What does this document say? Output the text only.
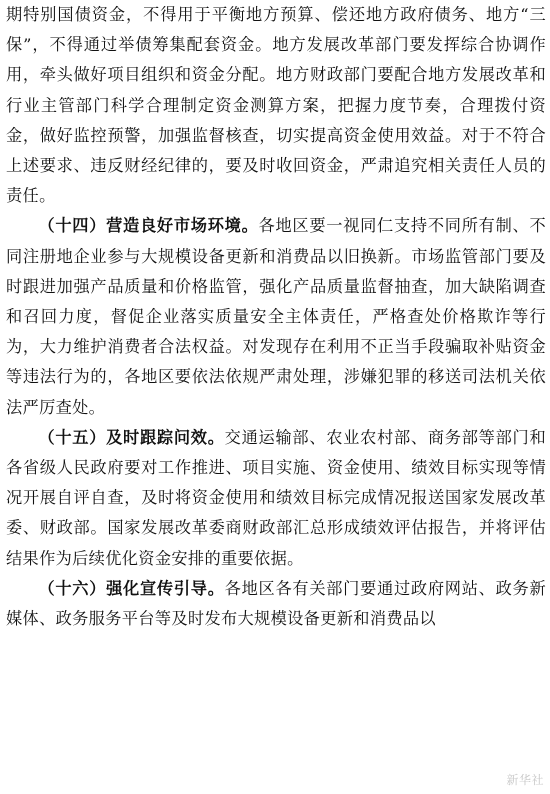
期特别国债资金，不得用于平衡地方预算、偿还地方政府债务、地方“三保”，不得通过举债筹集配套资金。地方发展改革部门要发挥综合协调作用，牵头做好项目组织和资金分配。地方财政部门要配合地方发展改革和行业主管部门科学合理制定资金测算方案，把握力度节奏，合理拨付资金，做好监控预警，加强监督核查，切实提高资金使用效益。对于不符合上述要求、违反财经纪律的，要及时收回资金，严肃追究相关责任人员的责任。

（十四）营造良好市场环境。各地区要一视同仁支持不同所有制、不同注册地企业参与大规模设备更新和消费品以旧换新。市场监管部门要及时跟进加强产品质量和价格监管，强化产品质量监督抽查，加大缺陷调查和召回力度，督促企业落实质量安全主体责任，严格查处价格欺诈等行为，大力维护消费者合法权益。对发现存在利用不正当手段骗取补贴资金等违法行为的，各地区要依法依规严肃处理，涉嫌犯罪的移送司法机关依法严厉查处。

（十五）及时跟踪问效。交通运输部、农业农村部、商务部等部门和各省级人民政府要对工作推进、项目实施、资金使用、绩效目标实现等情况开展自评自查，及时将资金使用和绩效目标完成情况报送国家发展改革委、财政部。国家发展改革委商财政部汇总形成绩效评估报告，并将评估结果作为后续优化资金安排的重要依据。

（十六）强化宣传引导。各地区各有关部门要通过政府网站、政务新媒体、政务服务平台等及时发布大规模设备更新和消费品以

新华社
